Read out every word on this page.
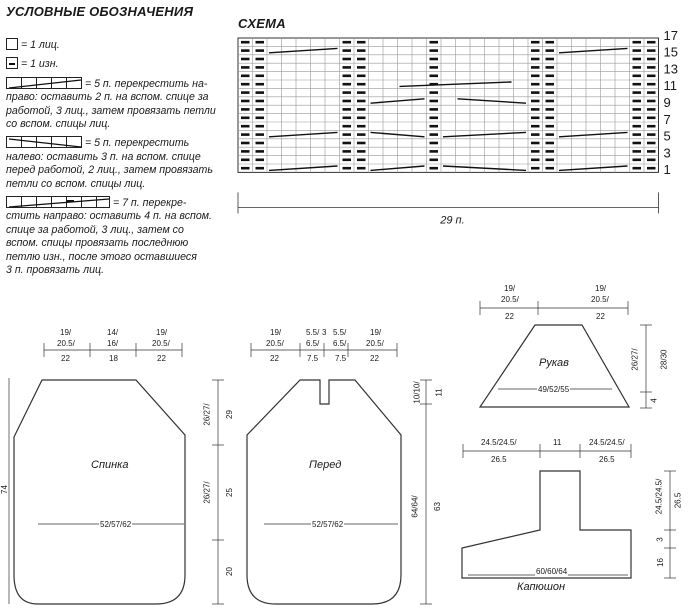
УСЛОВНЫЕ ОБОЗНАЧЕНИЯ
= 1 лиц.
= 1 изн.
= 5 п. перекрестить на-
право: оставить 2 п. на вспом. спице за
работой, 3 лиц., затем провязать петли
со вспом. спицы лиц.
= 5 п. перекрестить
налево: оставить 3 п. на вспом. спице
перед работой, 2 лиц., затем провязать
петли со вспом. спицы лиц.
= 7 п. перекре-
стить направо: оставить 4 п. на вспом.
спице за работой, 3 лиц., затем со
вспом. спицы провязать последнюю
петлю изн., после этого оставшиеся
3 п. провязать лиц.
СХЕМА
17
15
13
11
9
7
5
3
1
29 п.
Спинка
52/57/62
19/
20.5/
22
14/
16/
18
19/
20.5/
22
74
26/27/ 29
26/27/ 25
20
Перед
52/57/62
19/
20.5/
22
5.5/
6.5/
7.5
3 5.5/
6.5/
7.5
19/
20.5/
22
10/10/ 11
64/64/ 63
Рукав
49/52/55
19/
20.5/
22
19/
20.5/
22
26/27/ 28/30
4
Капюшон
60/60/64
24.5/24.5/
26.5
11	24.5/24.5/
26.5
24.5/24.5/ 26.5
3
16
